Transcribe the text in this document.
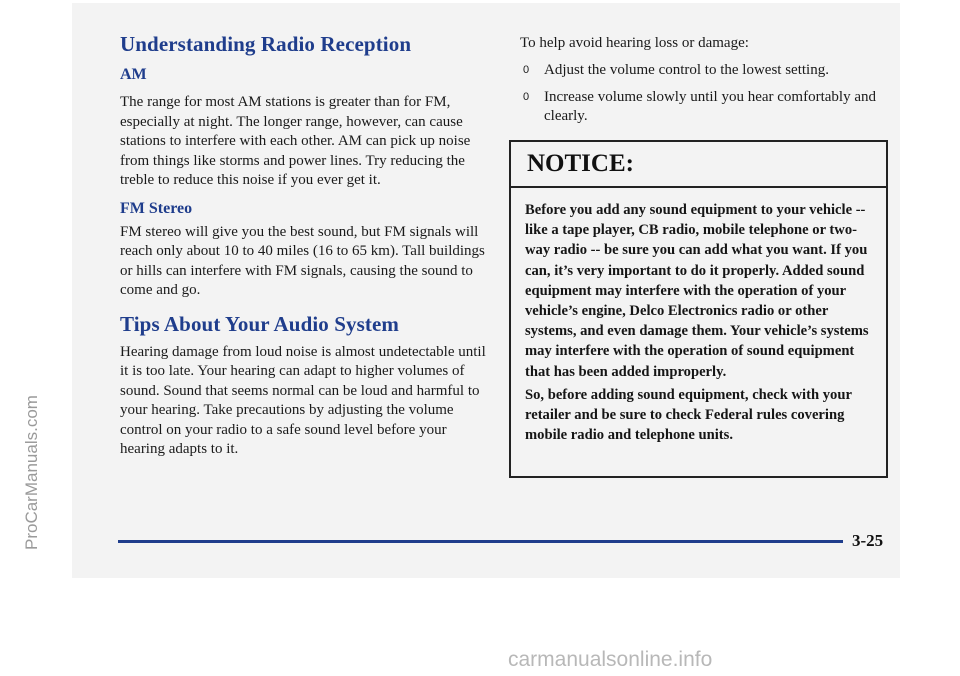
ProCarManuals.com
Understanding Radio Reception
AM

The range for most AM stations is greater than for FM, especially at night. The longer range, however, can cause stations to interfere with each other. AM can pick up noise from things like storms and power lines. Try reducing the treble to reduce this noise if you ever get it.

FM Stereo

FM stereo will give you the best sound, but FM signals will reach only about 10 to 40 miles (16 to 65 km). Tall buildings or hills can interfere with FM signals, causing the sound to come and go.

Tips About Your Audio System

Hearing damage from loud noise is almost undetectable until it is too late. Your hearing can adapt to higher volumes of sound. Sound that seems normal can be loud and harmful to your hearing. Take precautions by adjusting the volume control on your radio to a safe sound level before your hearing adapts to it.

To help avoid hearing loss or damage:

0 Adjust the volume control to the lowest setting.
0 Increase volume slowly until you hear comfortably and clearly.
NOTICE:

Before you add any sound equipment to your vehicle -- like a tape player, CB radio, mobile telephone or two-way radio -- be sure you can add what you want. If you can, it’s very important to do it properly. Added sound equipment may interfere with the operation of your vehicle’s engine, Delco Electronics radio or other systems, and even damage them. Your vehicle’s systems may interfere with the operation of sound equipment that has been added improperly.

So, before adding sound equipment, check with your retailer and be sure to check Federal rules covering mobile radio and telephone units.

3-25
carmanualsonline.info
